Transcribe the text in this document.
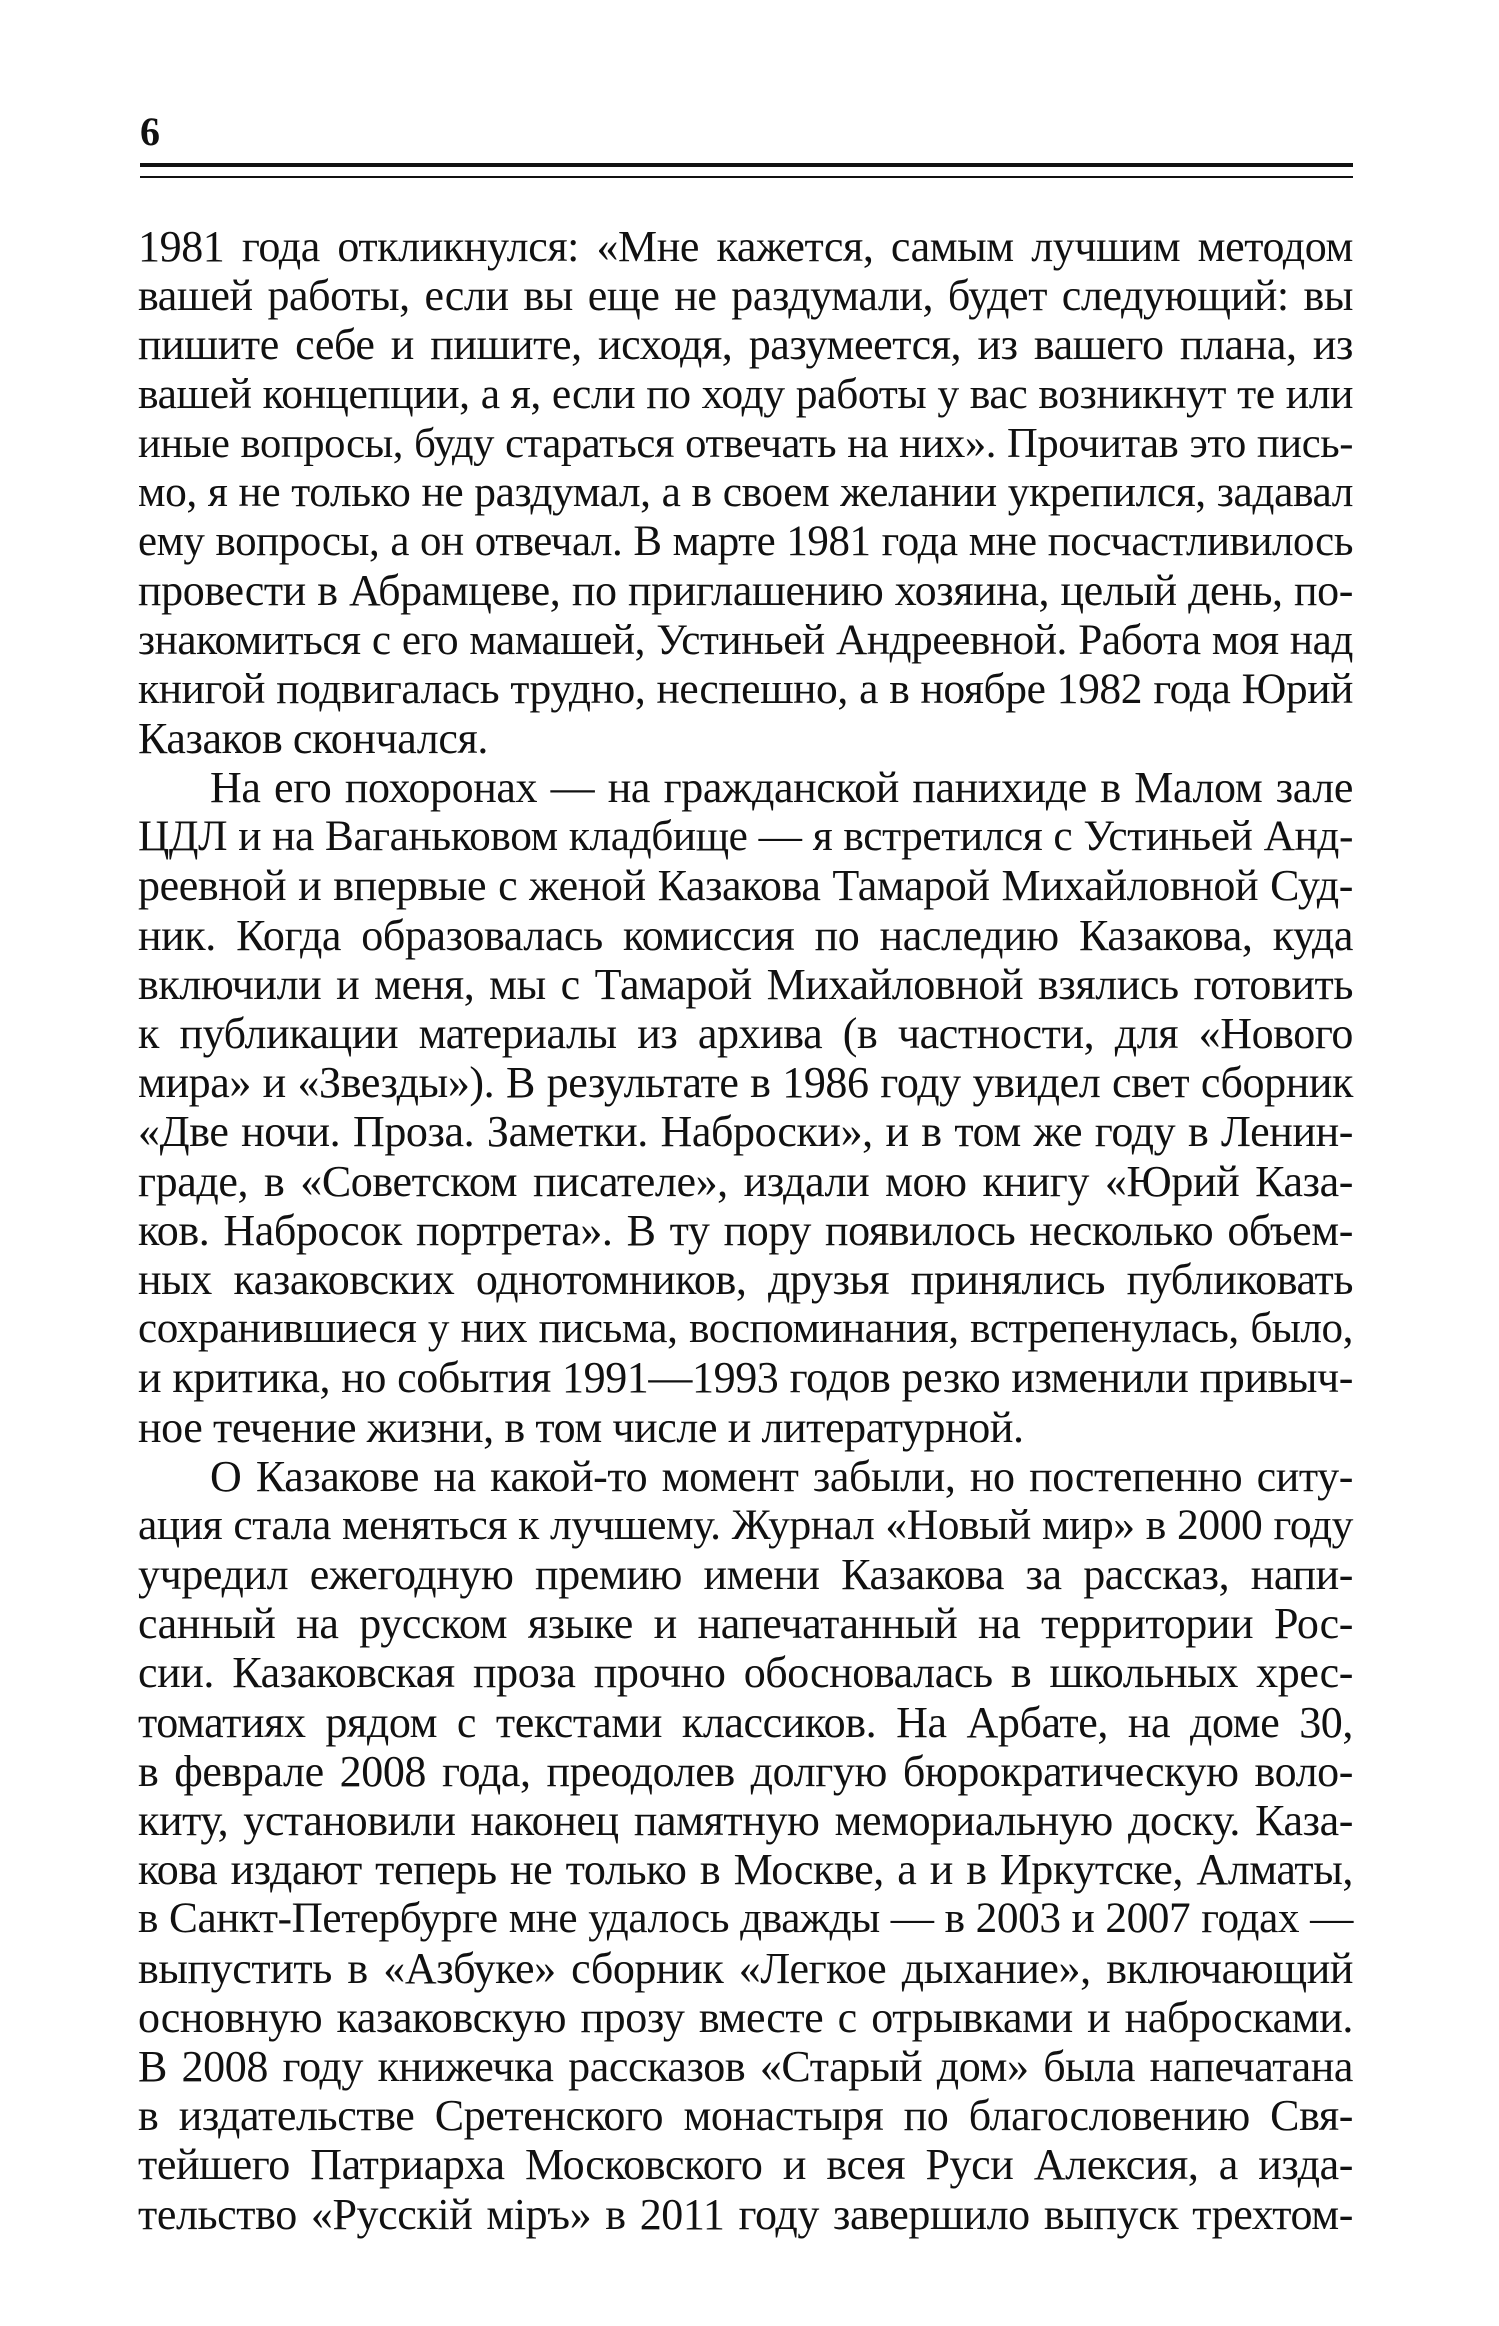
6
1981 года откликнулся: «Мне кажется, самым лучшим методом
вашей работы, если вы еще не раздумали, будет следующий: вы
пишите себе и пишите, исходя, разумеется, из вашего плана, из
вашей концепции, а я, если по ходу работы у вас возникнут те или
иные вопросы, буду стараться отвечать на них». Прочитав это пись-
мо, я не только не раздумал, а в своем желании укрепился, задавал
ему вопросы, а он отвечал. В марте 1981 года мне посчастливилось
провести в Абрамцеве, по приглашению хозяина, целый день, по-
знакомиться с его мамашей, Устиньей Андреевной. Работа моя над
книгой подвигалась трудно, неспешно, а в ноябре 1982 года Юрий
Казаков скончался.
На его похоронах — на гражданской панихиде в Малом зале
ЦДЛ и на Ваганьковом кладбище — я встретился с Устиньей Анд-
реевной и впервые с женой Казакова Тамарой Михайловной Суд-
ник. Когда образовалась комиссия по наследию Казакова, куда
включили и меня, мы с Тамарой Михайловной взялись готовить
к публикации материалы из архива (в частности, для «Нового
мира» и «Звезды»). В результате в 1986 году увидел свет сборник
«Две ночи. Проза. Заметки. Наброски», и в том же году в Ленин-
граде, в «Советском писателе», издали мою книгу «Юрий Каза-
ков. Набросок портрета». В ту пору появилось несколько объем-
ных казаковских однотомников, друзья принялись публиковать
сохранившиеся у них письма, воспоминания, встрепенулась, было,
и критика, но события 1991—1993 годов резко изменили привыч-
ное течение жизни, в том числе и литературной.
О Казакове на какой-то момент забыли, но постепенно ситу-
ация стала меняться к лучшему. Журнал «Новый мир» в 2000 году
учредил ежегодную премию имени Казакова за рассказ, напи-
санный на русском языке и напечатанный на территории Рос-
сии. Казаковская проза прочно обосновалась в школьных хрес-
томатиях рядом с текстами классиков. На Арбате, на доме 30,
в феврале 2008 года, преодолев долгую бюрократическую воло-
киту, установили наконец памятную мемориальную доску. Каза-
кова издают теперь не только в Москве, а и в Иркутске, Алматы,
в Санкт-Петербурге мне удалось дважды — в 2003 и 2007 годах —
выпустить в «Азбуке» сборник «Легкое дыхание», включающий
основную казаковскую прозу вместе с отрывками и набросками.
В 2008 году книжечка рассказов «Старый дом» была напечатана
в издательстве Сретенского монастыря по благословению Свя-
тейшего Патриарха Московского и всея Руси Алексия, а изда-
тельство «Русскій міръ» в 2011 году завершило выпуск трехтом-
